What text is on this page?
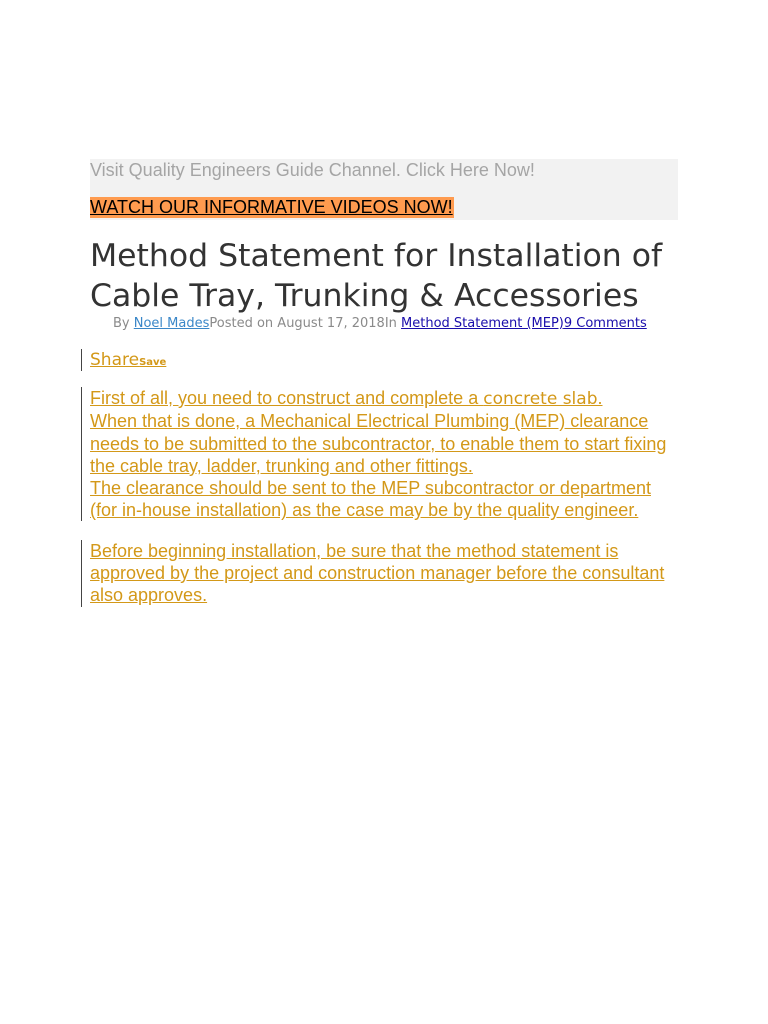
Visit Quality Engineers Guide Channel. Click Here Now!
WATCH OUR INFORMATIVE VIDEOS NOW!
Method Statement for Installation of Cable Tray, Trunking & Accessories
By Noel MadesPosted on August 17, 2018In Method Statement (MEP)9 Comments
ShareSave
First of all, you need to construct and complete a concrete slab.
When that is done, a Mechanical Electrical Plumbing (MEP) clearance needs to be submitted to the subcontractor, to enable them to start fixing the cable tray, ladder, trunking and other fittings.
The clearance should be sent to the MEP subcontractor or department (for in-house installation) as the case may be by the quality engineer.
Before beginning installation, be sure that the method statement is approved by the project and construction manager before the consultant also approves.
